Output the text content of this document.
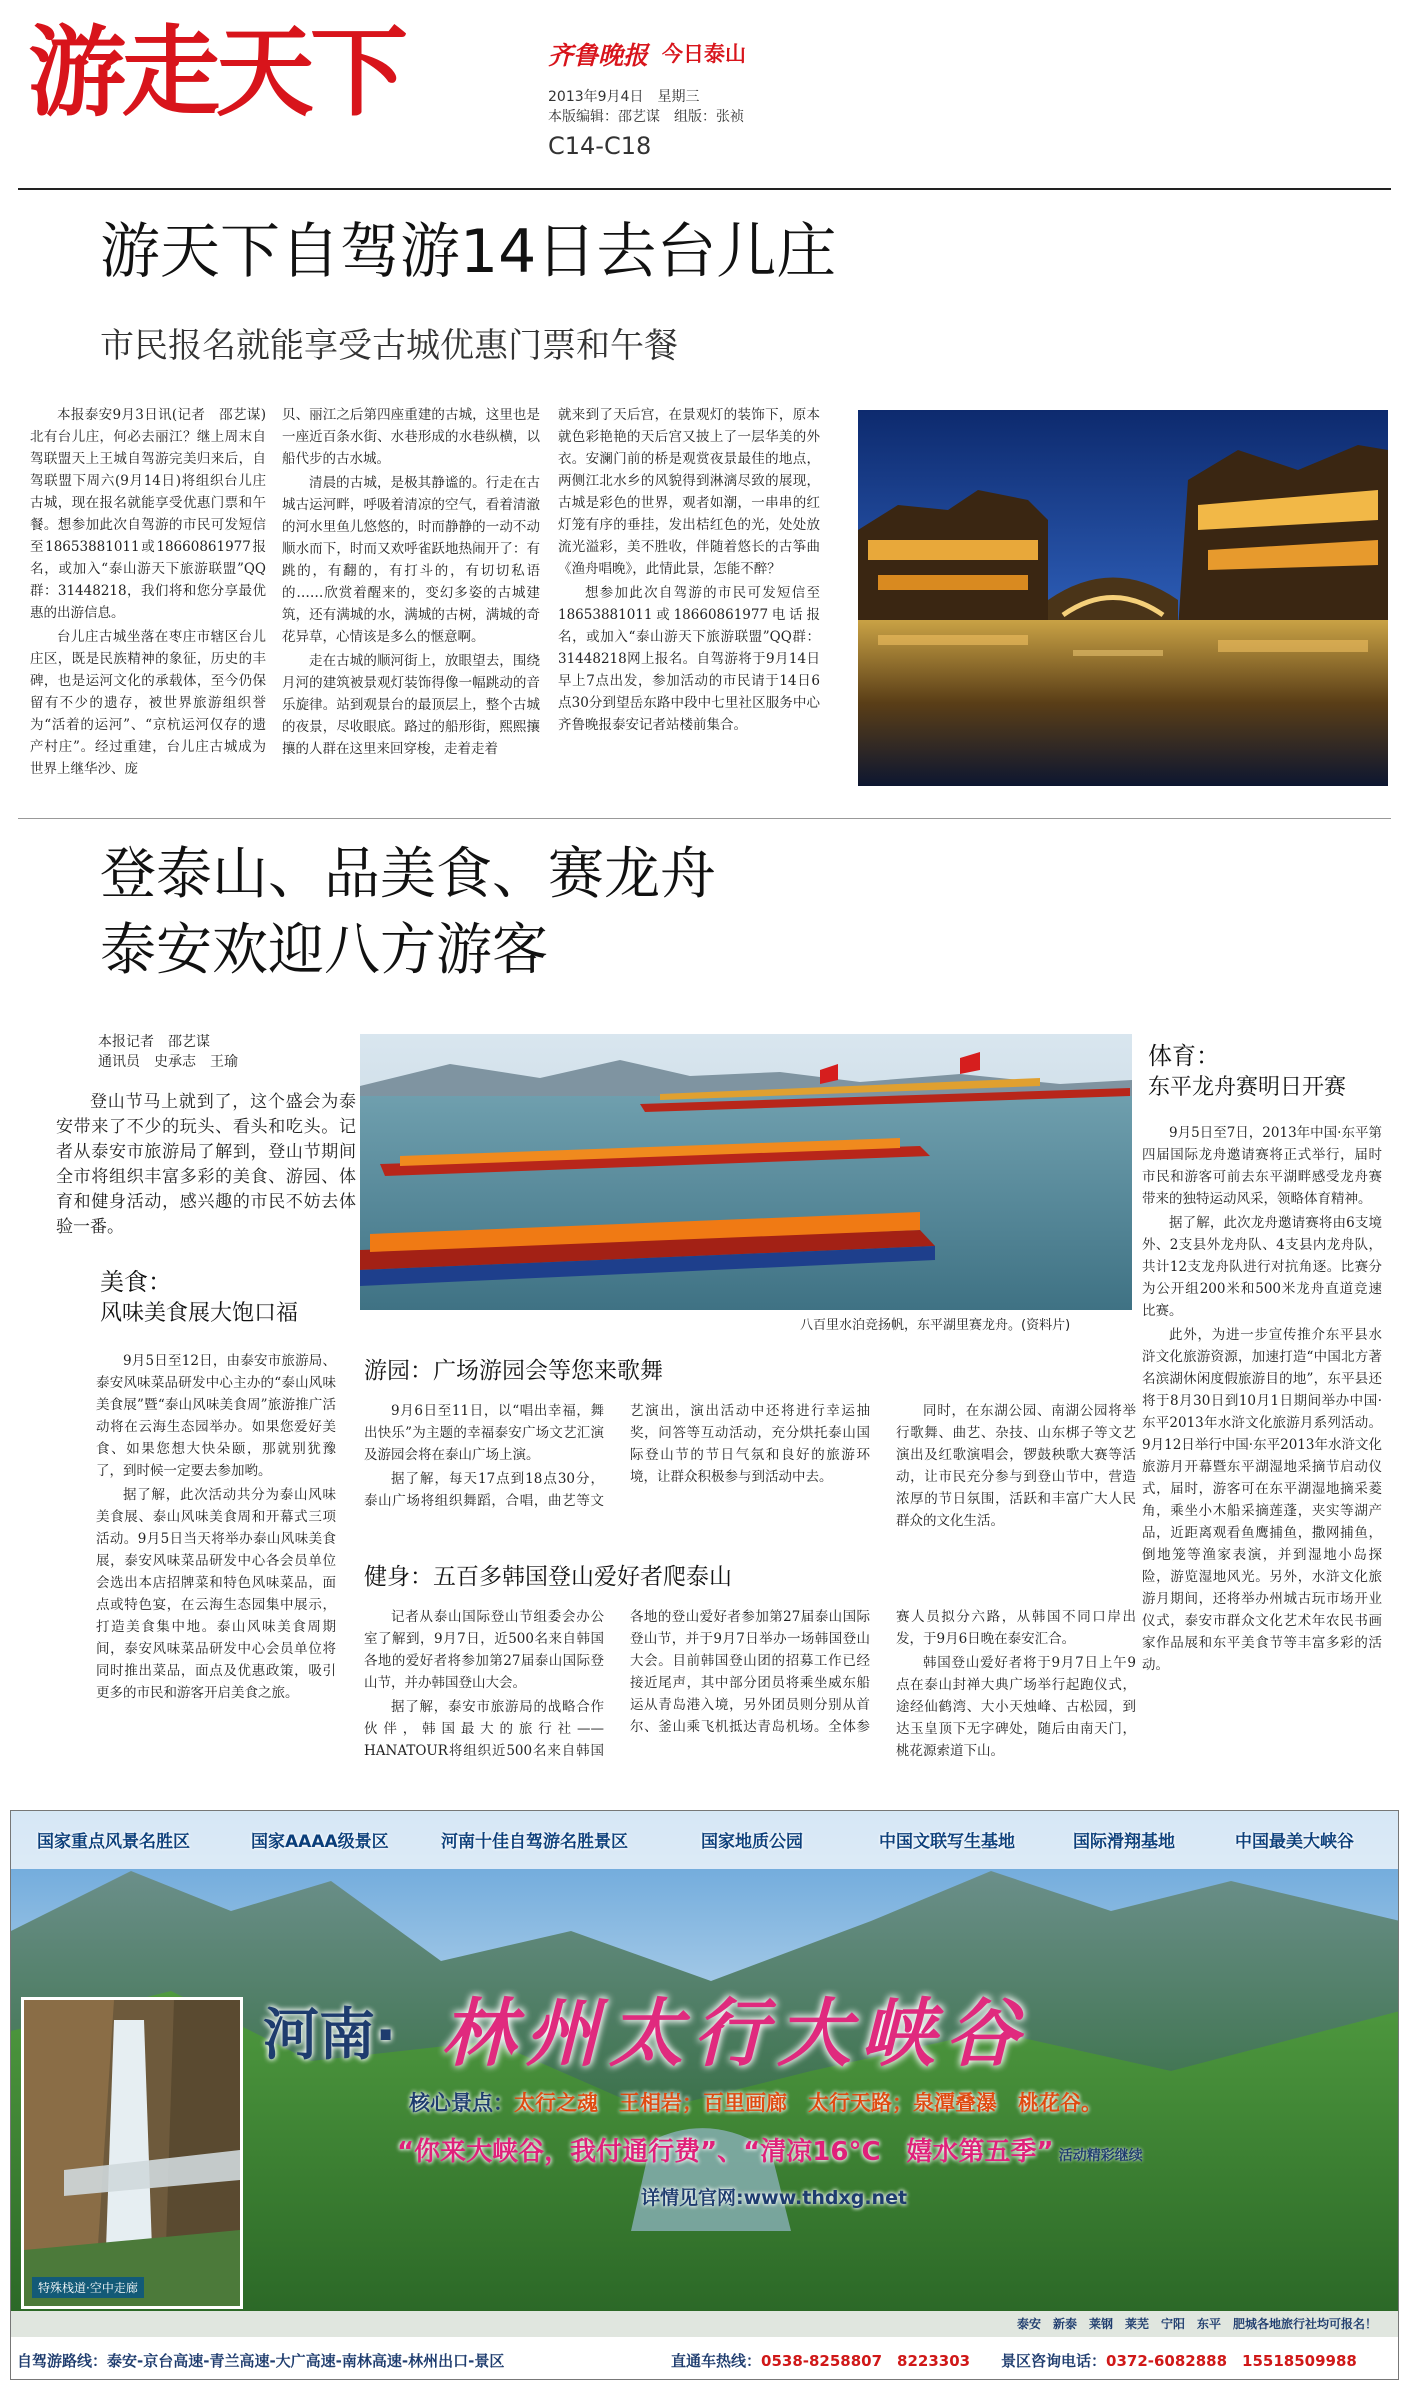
游走天下	齐鲁晚报 今日泰山
2013年9月4日　星期三
本版编辑：邵艺谋　组版：张祯
C14-C18
游天下自驾游14日去台儿庄
市民报名就能享受古城优惠门票和午餐

本报泰安9月3日讯(记者　邵艺谋)　北有台儿庄，何必去丽江？继上周末自驾联盟天上王城自驾游完美归来后，自驾联盟下周六(9月14日)将组织台儿庄古城，现在报名就能享受优惠门票和午餐。想参加此次自驾游的市民可发短信至18653881011或18660861977报名，或加入“泰山游天下旅游联盟”QQ群：31448218，我们将和您分享最优惠的出游信息。

台儿庄古城坐落在枣庄市辖区台儿庄区，既是民族精神的象征，历史的丰碑，也是运河文化的承载体，至今仍保留有不少的遗存，被世界旅游组织誉为“活着的运河”、“京杭运河仅存的遗产村庄”。经过重建，台儿庄古城成为世界上继华沙、庞

贝、丽江之后第四座重建的古城，这里也是一座近百条水街、水巷形成的水巷纵横，以船代步的古水城。

清晨的古城，是极其静谧的。行走在古城古运河畔，呼吸着清凉的空气，看着清澈的河水里鱼儿悠悠的，时而静静的一动不动顺水而下，时而又欢呼雀跃地热闹开了：有跳的，有翻的，有打斗的，有切切私语的……欣赏着醒来的，变幻多姿的古城建筑，还有满城的水，满城的古树，满城的奇花异草，心情该是多么的惬意啊。

走在古城的顺河街上，放眼望去，围绕月河的建筑被景观灯装饰得像一幅跳动的音乐旋律。站到观景台的最顶层上，整个古城的夜景，尽收眼底。路过的船形街，熙熙攘攘的人群在这里来回穿梭，走着走着

就来到了天后宫，在景观灯的装饰下，原本就色彩艳艳的天后宫又披上了一层华美的外衣。安澜门前的桥是观赏夜景最佳的地点，两侧江北水乡的风貌得到淋漓尽致的展现，古城是彩色的世界，观者如潮，一串串的红灯笼有序的垂挂，发出桔红色的光，处处放流光溢彩，美不胜收，伴随着悠长的古筝曲《渔舟唱晚》，此情此景，怎能不醉？

想参加此次自驾游的市民可发短信至18653881011或18660861977电话报名，或加入“泰山游天下旅游联盟”QQ群：31448218网上报名。自驾游将于9月14日早上7点出发，参加活动的市民请于14日6点30分到望岳东路中段中七里社区服务中心齐鲁晚报泰安记者站楼前集合。

登泰山、品美食、赛龙舟
泰安欢迎八方游客
本报记者　邵艺谋
通讯员　史承志　王瑜

登山节马上就到了，这个盛会为泰安带来了不少的玩头、看头和吃头。记者从泰安市旅游局了解到，登山节期间全市将组织丰富多彩的美食、游园、体育和健身活动，感兴趣的市民不妨去体验一番。

八百里水泊竞扬帆，东平湖里赛龙舟。(资料片)
体育：
东平龙舟赛明日开赛

9月5日至7日，2013年中国·东平第四届国际龙舟邀请赛将正式举行，届时市民和游客可前去东平湖畔感受龙舟赛带来的独特运动风采，领略体育精神。

据了解，此次龙舟邀请赛将由6支境外、2支县外龙舟队、4支县内龙舟队，共计12支龙舟队进行对抗角逐。比赛分为公开组200米和500米龙舟直道竞速比赛。

此外，为进一步宣传推介东平县水浒文化旅游资源，加速打造“中国北方著名滨湖休闲度假旅游目的地”，东平县还将于8月30日到10月1日期间举办中国·东平2013年水浒文化旅游月系列活动。9月12日举行中国·东平2013年水浒文化旅游月开幕暨东平湖湿地采摘节启动仪式，届时，游客可在东平湖湿地摘采菱角，乘坐小木船采摘莲蓬，夹实等湖产品，近距离观看鱼鹰捕鱼，撒网捕鱼，倒地笼等渔家表演，并到湿地小岛探险，游览湿地风光。另外，水浒文化旅游月期间，还将举办州城古玩市场开业仪式，泰安市群众文化艺术年农民书画家作品展和东平美食节等丰富多彩的活动。

美食：
风味美食展大饱口福

9月5日至12日，由泰安市旅游局、泰安风味菜品研发中心主办的“泰山风味美食展”暨“泰山风味美食周”旅游推广活动将在云海生态园举办。如果您爱好美食、如果您想大快朵颐，那就别犹豫了，到时候一定要去参加哟。

据了解，此次活动共分为泰山风味美食展、泰山风味美食周和开幕式三项活动。9月5日当天将举办泰山风味美食展，泰安风味菜品研发中心各会员单位会选出本店招牌菜和特色风味菜品，面点或特色宴，在云海生态园集中展示，打造美食集中地。泰山风味美食周期间，泰安风味菜品研发中心会员单位将同时推出菜品，面点及优惠政策，吸引更多的市民和游客开启美食之旅。

游园：广场游园会等您来歌舞

9月6日至11日，以“唱出幸福，舞出快乐”为主题的幸福泰安广场文艺汇演及游园会将在泰山广场上演。

据了解，每天17点到18点30分，泰山广场将组织舞蹈，合唱，曲艺等文艺演出，演出活动中还将进行幸运抽奖，问答等互动活动，充分烘托泰山国际登山节的节日气氛和良好的旅游环境，让群众积极参与到活动中去。

同时，在东湖公园、南湖公园将举行歌舞、曲艺、杂技、山东梆子等文艺演出及红歌演唱会，锣鼓秧歌大赛等活动，让市民充分参与到登山节中，营造浓厚的节日氛围，活跃和丰富广大人民群众的文化生活。

健身：五百多韩国登山爱好者爬泰山

记者从泰山国际登山节组委会办公室了解到，9月7日，近500名来自韩国各地的爱好者将参加第27届泰山国际登山节，并办韩国登山大会。

据了解，泰安市旅游局的战略合作伙伴，韩国最大的旅行社——HANATOUR将组织近500名来自韩国各地的登山爱好者参加第27届泰山国际登山节，并于9月7日举办一场韩国登山大会。目前韩国登山团的招募工作已经接近尾声，其中部分团员将乘坐威东船运从青岛港入境，另外团员则分别从首尔、釜山乘飞机抵达青岛机场。全体参赛人员拟分六路，从韩国不同口岸出发，于9月6日晚在泰安汇合。

韩国登山爱好者将于9月7日上午9点在泰山封禅大典广场举行起跑仪式，途经仙鹤湾、大小天烛峰、古松园，到达玉皇顶下无字碑处，随后由南天门，桃花源索道下山。

国家重点风景名胜区	国家AAAA级景区	河南十佳自驾游名胜景区	国家地质公园	中国文联写生基地	国际滑翔基地	中国最美大峡谷
特殊栈道·空中走廊
河南· 林州太行大峡谷
核心景点：太行之魂　王相岩；百里画廊　太行天路；泉潭叠瀑　桃花谷。
“你来大峡谷，我付通行费”、“清凉16°C　嬉水第五季” 活动精彩继续
详情见官网:www.thdxg.net
泰安　新泰　莱钢　莱芜　宁阳　东平　肥城各地旅行社均可报名！
自驾游路线：泰安-京台高速-青兰高速-大广高速-南林高速-林州出口-景区	直通车热线：0538-8258807　8223303 景区咨询电话：0372-6082888　15518509988
